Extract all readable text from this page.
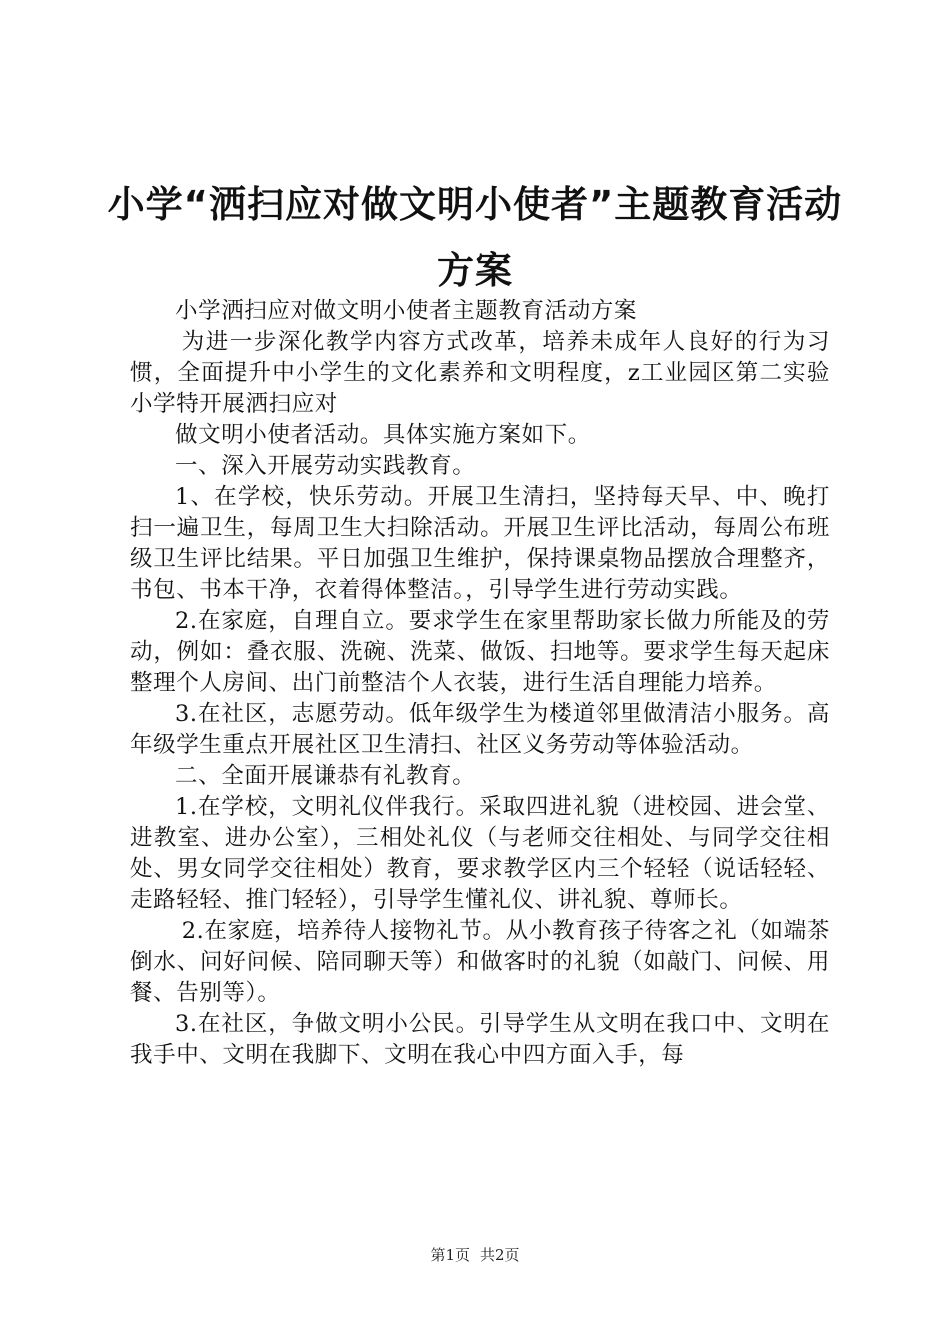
小学“洒扫应对做文明小使者”主题教育活动方案

小学洒扫应对做文明小使者主题教育活动方案

为进一步深化教学内容方式改革，培养未成年人良好的行为习惯，全面提升中小学生的文化素养和文明程度，z工业园区第二实验小学特开展洒扫应对

做文明小使者活动。具体实施方案如下。

一、深入开展劳动实践教育。

1、在学校，快乐劳动。开展卫生清扫，坚持每天早、中、晚打扫一遍卫生，每周卫生大扫除活动。开展卫生评比活动，每周公布班级卫生评比结果。平日加强卫生维护，保持课桌物品摆放合理整齐，书包、书本干净，衣着得体整洁。，引导学生进行劳动实践。

2.在家庭，自理自立。要求学生在家里帮助家长做力所能及的劳动，例如：叠衣服、洗碗、洗菜、做饭、扫地等。要求学生每天起床整理个人房间、出门前整洁个人衣装，进行生活自理能力培养。

3.在社区，志愿劳动。低年级学生为楼道邻里做清洁小服务。高年级学生重点开展社区卫生清扫、社区义务劳动等体验活动。

二、全面开展谦恭有礼教育。

1.在学校，文明礼仪伴我行。采取四进礼貌（进校园、进会堂、进教室、进办公室），三相处礼仪（与老师交往相处、与同学交往相处、男女同学交往相处）教育，要求教学区内三个轻轻（说话轻轻、走路轻轻、推门轻轻），引导学生懂礼仪、讲礼貌、尊师长。

2.在家庭，培养待人接物礼节。从小教育孩子待客之礼（如端茶倒水、问好问候、陪同聊天等）和做客时的礼貌（如敲门、问候、用餐、告别等）。

3.在社区，争做文明小公民。引导学生从文明在我口中、文明在我手中、文明在我脚下、文明在我心中四方面入手，每

第1页 共2页
